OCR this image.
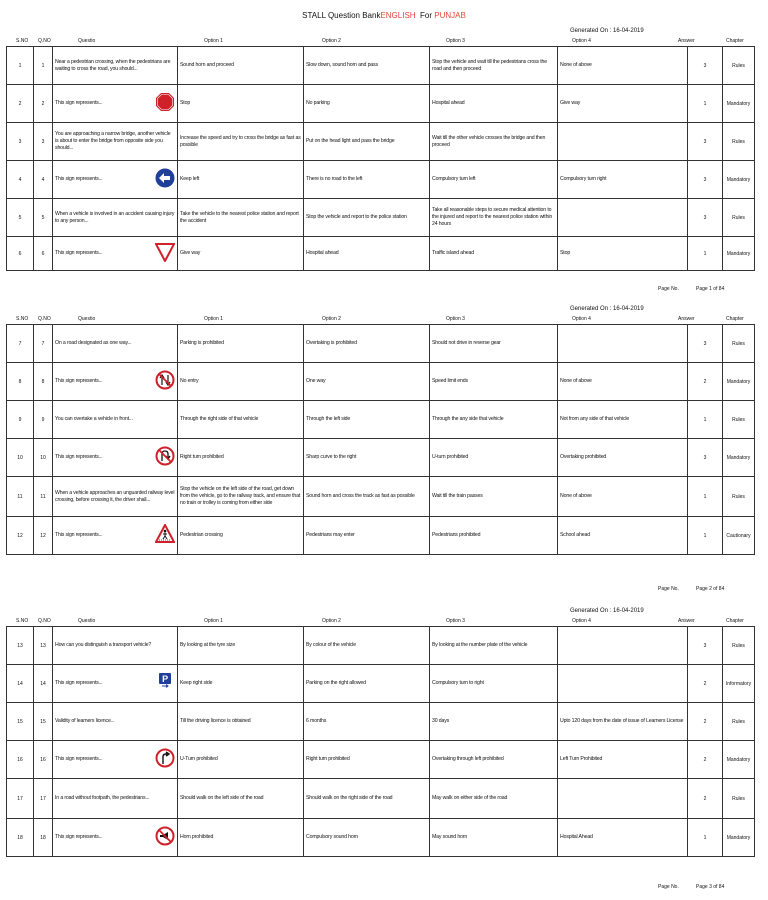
STALL Question BankENGLISH For PUNJAB
Generated On : 16-04-2019
S.NO Q.NO	Questio	Option 1	Option 2	Option 3	Option 4	Answer	Chapter
1	1	Near a pedestrian crossing, when the pedestrians are waiting to cross the road, you should...	Sound horn and proceed	Slow down, sound horn and pass	Stop the vehicle and wait till the pedestrians cross the road and then proceed	None of above	3	Rules
2	2	This sign represents...	Stop	No parking	Hospital ahead	Give way	1	Mandatory
3	3	You are approaching a narrow bridge, another vehicle is about to enter the bridge from opposite side you should...	Increase the speed and try to cross the bridge as fast as possible	Put on the head light and pass the bridge	Wait till the other vehicle crosses the bridge and then proceed		3	Rules
4	4	This sign represents...	Keep left	There is no road to the left	Compulsory turn left	Compulsory turn right	3	Mandatory
5	5	When a vehicle is involved in an accident causing injury to any person...	Take the vehicle to the nearest police station and report the accident	Stop the vehicle and report to the police station	Take all reasonable steps to secure medical attention to the injured and report to the nearest police station within 24 hours		3	Rules
6	6	This sign represents...	Give way	Hospital ahead	Traffic island ahead	Stop	1	Mandatory
Page No.	Page 1 of 84
Generated On : 16-04-2019
S.NO Q.NO	Questio	Option 1	Option 2	Option 3	Option 4	Answer	Chapter
7	7	On a road designated as one way...	Parking is prohibited	Overtaking is prohibited	Should not drive in reverse gear		3	Rules
8	8	This sign represents...	No entry	One way	Speed limit ends	None of above	2	Mandatory
9	9	You can overtake a vehicle in front...	Through the right side of that vehicle	Through the left side	Through the any side that vehicle	Not from any side of that vehicle	1	Rules
10	10	This sign represents...	Right turn prohibited	Sharp curve to the right	U-turn prohibited	Overtaking prohibited	3	Mandatory
11	11	When a vehicle approaches an unguarded railway level crossing, before crossing it, the driver shall...	Stop the vehicle on the left side of the road, get down from the vehicle, go to the railway track, and ensure that no train or trolley is coming from either side	Sound horn and cross the track as fast as possible	Wait till the train passes	None of above	1	Rules
12	12	This sign represents...	Pedestrian crossing	Pedestrians may enter	Pedestrians prohibited	School ahead	1	Cautionary
Page No.	Page 2 of 84
Generated On : 16-04-2019
S.NO Q.NO	Questio	Option 1	Option 2	Option 3	Option 4	Answer	Chapter
13	13	How can you distinguish a transport vehicle?	By looking at the tyre size	By colour of the vehicle	By looking at the number plate of the vehicle		3	Rules
14	14	This sign represents... P	Keep right side	Parking on the right allowed	Compulsory turn to right		2	Informatory
15	15	Validity of learners licence...	Till the driving licence is obtained	6 months	30 days	Upto 120 days from the date of issue of Learners License	2	Rules
16	16	This sign represents...	U-Turn prohibited	Right turn prohibited	Overtaking through left prohibited	Left Turn Prohibited	2	Mandatory
17	17	In a road without footpath, the pedestrians...	Should walk on the left side of the road	Should walk on the right side of the road	May walk on either side of the road		2	Rules
18	18	This sign represents...	Horn prohibited	Compulsory sound horn	May sound horn	Hospital Ahead	1	Mandatory
Page No.	Page 3 of 84
